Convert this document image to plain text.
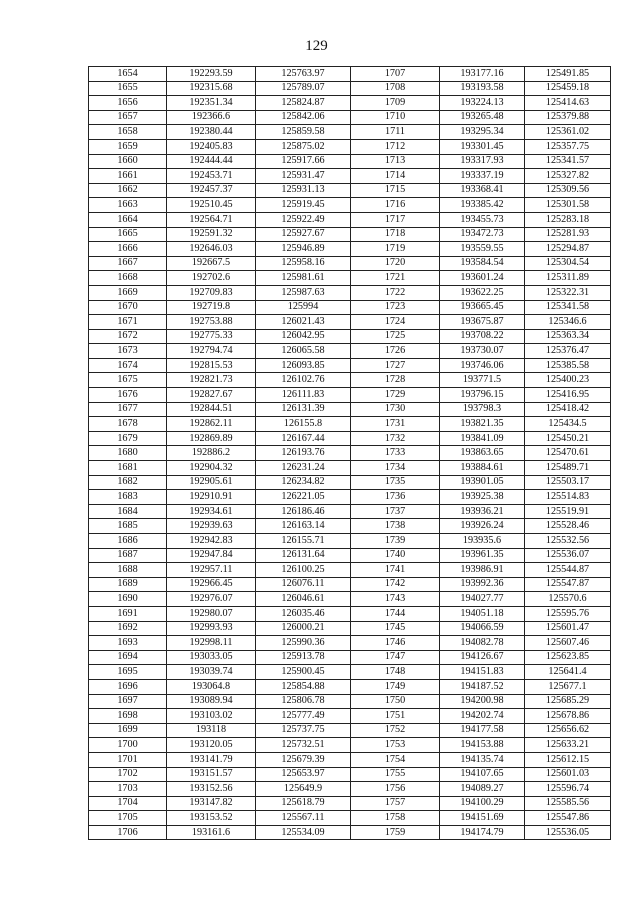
129
1654	192293.59	125763.97	1707	193177.16	125491.85
1655	192315.68	125789.07	1708	193193.58	125459.18
1656	192351.34	125824.87	1709	193224.13	125414.63
1657	192366.6	125842.06	1710	193265.48	125379.88
1658	192380.44	125859.58	1711	193295.34	125361.02
1659	192405.83	125875.02	1712	193301.45	125357.75
1660	192444.44	125917.66	1713	193317.93	125341.57
1661	192453.71	125931.47	1714	193337.19	125327.82
1662	192457.37	125931.13	1715	193368.41	125309.56
1663	192510.45	125919.45	1716	193385.42	125301.58
1664	192564.71	125922.49	1717	193455.73	125283.18
1665	192591.32	125927.67	1718	193472.73	125281.93
1666	192646.03	125946.89	1719	193559.55	125294.87
1667	192667.5	125958.16	1720	193584.54	125304.54
1668	192702.6	125981.61	1721	193601.24	125311.89
1669	192709.83	125987.63	1722	193622.25	125322.31
1670	192719.8	125994	1723	193665.45	125341.58
1671	192753.88	126021.43	1724	193675.87	125346.6
1672	192775.33	126042.95	1725	193708.22	125363.34
1673	192794.74	126065.58	1726	193730.07	125376.47
1674	192815.53	126093.85	1727	193746.06	125385.58
1675	192821.73	126102.76	1728	193771.5	125400.23
1676	192827.67	126111.83	1729	193796.15	125416.95
1677	192844.51	126131.39	1730	193798.3	125418.42
1678	192862.11	126155.8	1731	193821.35	125434.5
1679	192869.89	126167.44	1732	193841.09	125450.21
1680	192886.2	126193.76	1733	193863.65	125470.61
1681	192904.32	126231.24	1734	193884.61	125489.71
1682	192905.61	126234.82	1735	193901.05	125503.17
1683	192910.91	126221.05	1736	193925.38	125514.83
1684	192934.61	126186.46	1737	193936.21	125519.91
1685	192939.63	126163.14	1738	193926.24	125528.46
1686	192942.83	126155.71	1739	193935.6	125532.56
1687	192947.84	126131.64	1740	193961.35	125536.07
1688	192957.11	126100.25	1741	193986.91	125544.87
1689	192966.45	126076.11	1742	193992.36	125547.87
1690	192976.07	126046.61	1743	194027.77	125570.6
1691	192980.07	126035.46	1744	194051.18	125595.76
1692	192993.93	126000.21	1745	194066.59	125601.47
1693	192998.11	125990.36	1746	194082.78	125607.46
1694	193033.05	125913.78	1747	194126.67	125623.85
1695	193039.74	125900.45	1748	194151.83	125641.4
1696	193064.8	125854.88	1749	194187.52	125677.1
1697	193089.94	125806.78	1750	194200.98	125685.29
1698	193103.02	125777.49	1751	194202.74	125678.86
1699	193118	125737.75	1752	194177.58	125656.62
1700	193120.05	125732.51	1753	194153.88	125633.21
1701	193141.79	125679.39	1754	194135.74	125612.15
1702	193151.57	125653.97	1755	194107.65	125601.03
1703	193152.56	125649.9	1756	194089.27	125596.74
1704	193147.82	125618.79	1757	194100.29	125585.56
1705	193153.52	125567.11	1758	194151.69	125547.86
1706	193161.6	125534.09	1759	194174.79	125536.05
